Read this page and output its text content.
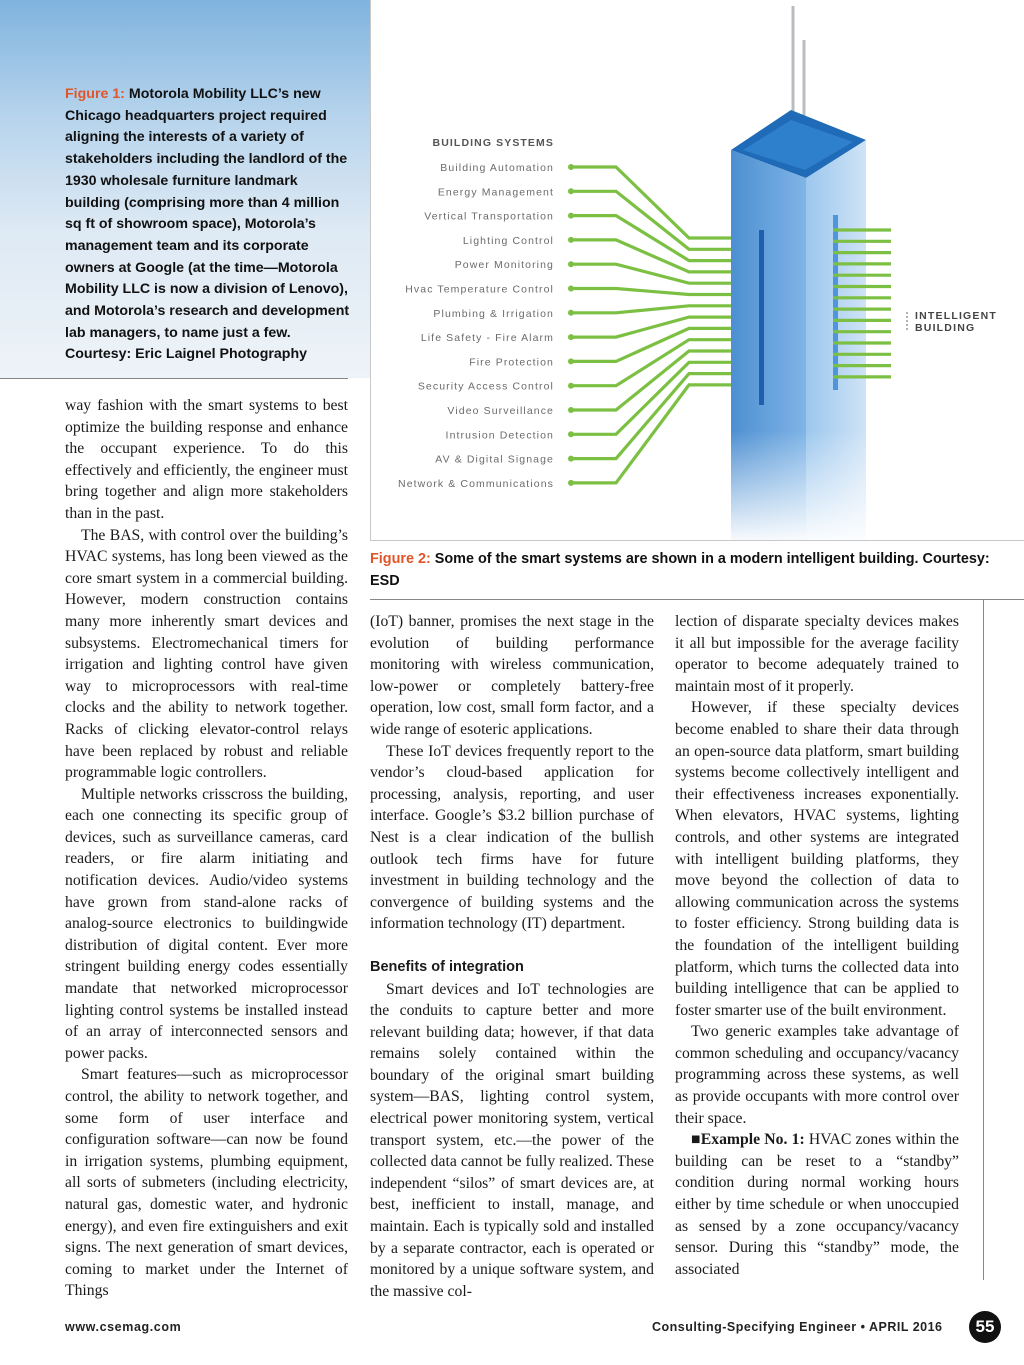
Figure 1: Motorola Mobility LLC’s new Chicago headquarters project required aligning the interests of a variety of stakeholders including the landlord of the 1930 wholesale furniture landmark building (comprising more than 4 million sq ft of showroom space), Motorola’s management team and its corporate owners at Google (at the time—Motorola Mobility LLC is now a division of Lenovo), and Motorola’s research and development lab managers, to name just a few. Courtesy: Eric Laignel Photography
INTELLIGENT
BUILDING
BUILDING SYSTEMS
Building Automation
Energy Management
Vertical Transportation
Lighting Control
Power Monitoring
Hvac Temperature Control
Plumbing & Irrigation
Life Safety - Fire Alarm
Fire Protection
Security Access Control
Video Surveillance
Intrusion Detection
AV & Digital Signage
Network & Communications
Figure 2: Some of the smart systems are shown in a modern intelligent building. Courtesy: ESD

way fashion with the smart systems to best optimize the building response and enhance the occupant experience. To do this effectively and efficiently, the engineer must bring together and align more stakeholders than in the past.

The BAS, with control over the building’s HVAC systems, has long been viewed as the core smart system in a commercial building. However, modern construction contains many more inherently smart devices and subsystems. Electromechanical timers for irrigation and lighting control have given way to microprocessors with real-time clocks and the ability to network together. Racks of clicking elevator-control relays have been replaced by robust and reliable programmable logic controllers.

Multiple networks crisscross the building, each one connecting its specific group of devices, such as surveillance cameras, card readers, or fire alarm initiating and notification devices. Audio/video systems have grown from stand-alone racks of analog-source electronics to buildingwide distribution of digital content. Ever more stringent building energy codes essentially mandate that networked microprocessor lighting control systems be installed instead of an array of interconnected sensors and power packs.

Smart features—such as microprocessor control, the ability to network together, and some form of user interface and configuration software—can now be found in irrigation systems, plumbing equipment, all sorts of submeters (including electricity, natural gas, domestic water, and hydronic energy), and even fire extinguishers and exit signs. The next generation of smart devices, coming to market under the Internet of Things

(IoT) banner, promises the next stage in the evolution of building performance monitoring with wireless communication, low-power or completely battery-free operation, low cost, small form factor, and a wide range of esoteric applications.

These IoT devices frequently report to the vendor’s cloud-based application for processing, analysis, reporting, and user interface. Google’s $3.2 billion purchase of Nest is a clear indication of the bullish outlook tech firms have for future investment in building technology and the convergence of building systems and the information technology (IT) department.

Benefits of integration

Smart devices and IoT technologies are the conduits to capture better and more relevant building data; however, if that data remains solely contained within the boundary of the original smart building system—BAS, lighting control system, electrical power monitoring system, vertical transport system, etc.—the power of the collected data cannot be fully realized. These independent “silos” of smart devices are, at best, inefficient to install, manage, and maintain. Each is typically sold and installed by a separate contractor, each is operated or monitored by a unique software system, and the massive col-

lection of disparate specialty devices makes it all but impossible for the average facility operator to become adequately trained to maintain most of it properly.

However, if these specialty devices become enabled to share their data through an open-source data platform, smart building systems become collectively intelligent and their effectiveness increases exponentially. When elevators, HVAC systems, lighting controls, and other systems are integrated with intelligent building platforms, they move beyond the collection of data to allowing communication across the systems to foster efficiency. Strong building data is the foundation of the intelligent building platform, which turns the collected data into building intelligence that can be applied to foster smarter use of the built environment.

Two generic examples take advantage of common scheduling and occupancy/vacancy programming across these systems, as well as provide occupants with more control over their space.

■Example No. 1: HVAC zones within the building can be reset to a “standby” condition during normal working hours either by time schedule or when unoccupied as sensed by a zone occupancy/vacancy sensor. During this “standby” mode, the associated

www.csemag.com	Consulting-Specifying Engineer • APRIL 2016	55
